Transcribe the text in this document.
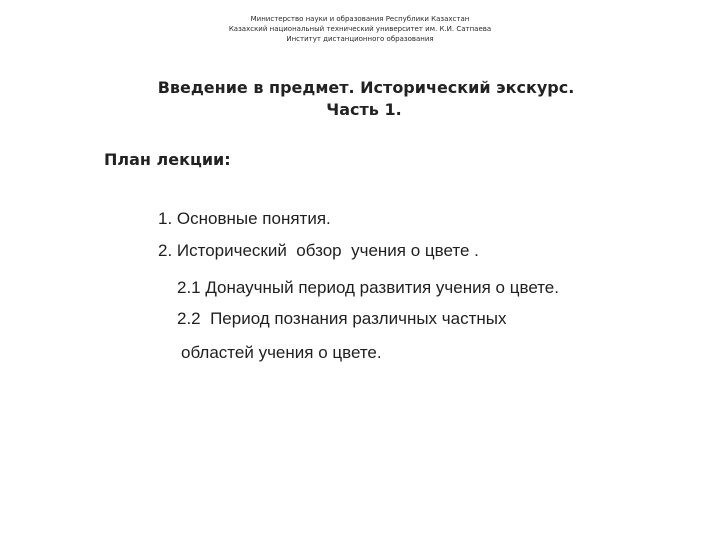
Министерство науки и образования Республики Казахстан
Казахский национальный технический университет им. К.И. Сатпаева
Институт дистанционного образования
Введение в предмет. Исторический экскурс.
Часть 1.
План лекции:
1. Основные понятия.
2. Исторический  обзор  учения о цвете .
2.1 Донаучный период развития учения о цвете.
2.2  Период познания различных частных
областей учения о цвете.
